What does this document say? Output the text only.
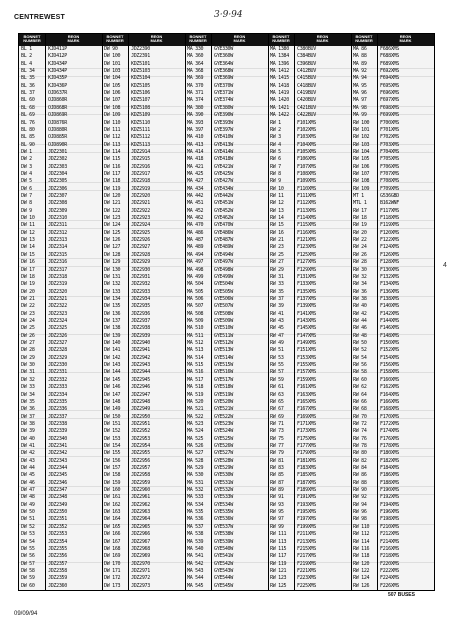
CENTREWEST	3·9·94
BONNET
NUMBER
REGN
MARK
BONNET
NUMBER
REGN
MARK
BONNET
NUMBER
REGN
MARK
BONNET
NUMBER
REGN
MARK
BONNET
NUMBER
REGN
MARK
BL 1	KJD411P	DW 90	JDZ2390	MA 330	GYE330W	MA 1380	C380BUV	MA 86	F686XMS
BL 2	KJD412P	DW 100	JDZ2391	MA 360	GYE360W	MA 1384	C384BUV	MA 88	F688XMS
BL 4	KJD434P	DW 101	KDZ5101	MA 364	GYE364W	MA 1396	C396BUV	MA 89	F689XMS
BL 34	KJD434P	DW 103	KDZ5103	MA 368	GYE368W	MA 1412	C412BUV	MA 92	F692XMS
BL 35	KJD435P	DW 104	KDZ5104	MA 369	GYE369W	MA 1415	C415BUV	MA 94	F694XMS
BL 36	KJD436P	DW 105	KDZ5105	MA 370	GYE370W	MA 1418	C418BUV	MA 95	F695XMS
BL 37	OJD637R	DW 106	KDZ5106	MA 371	GYE371W	MA 1419	C419BUV	MA 96	F696XMS
BL 60	OJD860R	DW 107	KDZ5107	MA 374	GYE374W	MA 1420	C420BUV	MA 97	F697XMS
BL 68	OJD868R	DW 108	KDZ5108	MA 380	GYE380W	MA 1421	C421BUV	MA 98	F698XMS
BL 69	OJD869R	DW 109	KDZ5109	MA 390	GYE390W	MA 1422	C422BUV	MA 99	F699XMS
BL 76	OJD876R	DW 110	KDZ5110	MA 393	GYE393W	RW 1	F101XMS	RW 100	F700XMS
BL 80	OJD880R	DW 111	KDZ5111	MA 397	GYE397W	RW 2	F102XMS	RW 101	F701XMS
BL 85	OJD885R	DW 112	KDZ5112	MA 410	GYE410W	RW 3	F103XMS	RW 102	F702XMS
BL 90	OJD890R	DW 113	KDZ5113	MA 413	GYE413W	RW 4	F104XMS	RW 103	F703XMS
DW 1	JDZ2301	DW 114	JDZ2914	MA 414	GYE414W	RW 5	F105XMS	RW 104	F704XMS
DW 2	JDZ2302	DW 115	JDZ2915	MA 418	GYE418W	RW 6	F106XMS	RW 105	F705XMS
DW 3	JDZ2303	DW 116	JDZ2916	MA 421	GYE421W	RW 7	F107XMS	RW 106	F706XMS
DW 4	JDZ2304	DW 117	JDZ2917	MA 425	GYE425W	RW 8	F108XMS	RW 107	F707XMS
DW 5	JDZ2305	DW 118	JDZ2918	MA 427	GYE427W	RW 9	F109XMS	RW 108	F708XMS
DW 6	JDZ2306	DW 119	JDZ2919	MA 434	GYE434W	RW 10	F110XMS	RW 109	F709XMS
DW 7	JDZ2307	DW 120	JDZ2920	MA 442	GYE442W	RW 11	F111XMS	MT 1	G536GBD
DW 8	JDZ2308	DW 121	JDZ2921	MA 451	GYE451W	RW 12	F112XMS	MTL 1	B162WNF
DW 9	JDZ2309	DW 122	JDZ2922	MA 452	GYE452W	RW 13	F113XMS	RW 17	F117XMS
DW 10	JDZ2310	DW 123	JDZ2923	MA 462	GYE462W	RW 14	F114XMS	RW 18	F118XMS
DW 11	JDZ2311	DW 124	JDZ2924	MA 470	GYE470W	RW 15	F115XMS	RW 19	F119XMS
DW 12	JDZ2312	DW 125	JDZ2925	MA 486	GYE486W	RW 16	F116XMS	RW 20	F120XMS
DW 13	JDZ2313	DW 126	JDZ2926	MA 487	GYE487W	RW 21	F121XMS	RW 22	F122XMS
DW 14	JDZ2314	DW 127	JDZ2927	MA 489	GYE489W	RW 23	F123XMS	RW 24	F124XMS
DW 15	JDZ2315	DW 128	JDZ2928	MA 494	GYE494W	RW 25	F125XMS	RW 26	F126XMS
DW 16	JDZ2316	DW 129	JDZ2929	MA 497	GYE497W	RW 27	F127XMS	RW 28	F128XMS
DW 17	JDZ2317	DW 130	JDZ2930	MA 498	GYE498W	RW 29	F129XMS	RW 30	F130XMS
DW 18	JDZ2318	DW 131	JDZ2931	MA 499	GYE499W	RW 31	F131XMS	RW 32	F132XMS
DW 19	JDZ2319	DW 132	JDZ2932	MA 504	GYE504W	RW 33	F133XMS	RW 34	F134XMS
DW 20	JDZ2320	DW 133	JDZ2933	MA 505	GYE505W	RW 35	F135XMS	RW 36	F136XMS
DW 21	JDZ2321	DW 134	JDZ2934	MA 506	GYE506W	RW 37	F137XMS	RW 38	F138XMS
DW 22	JDZ2322	DW 135	JDZ2935	MA 507	GYE507W	RW 39	F139XMS	RW 40	F140XMS
DW 23	JDZ2323	DW 136	JDZ2936	MA 508	GYE508W	RW 41	F141XMS	RW 42	F142XMS
DW 24	JDZ2324	DW 137	JDZ2937	MA 509	GYE509W	RW 43	F143XMS	RW 44	F144XMS
DW 25	JDZ2325	DW 138	JDZ2938	MA 510	GYE510W	RW 45	F145XMS	RW 46	F146XMS
DW 26	JDZ2326	DW 139	JDZ2939	MA 511	GYE511W	RW 47	F147XMS	RW 48	F148XMS
DW 27	JDZ2327	DW 140	JDZ2940	MA 512	GYE512W	RW 49	F149XMS	RW 50	F150XMS
DW 28	JDZ2328	DW 141	JDZ2941	MA 513	GYE513W	RW 51	F151XMS	RW 52	F152XMS
DW 29	JDZ2329	DW 142	JDZ2942	MA 514	GYE514W	RW 53	F153XMS	RW 54	F154XMS
DW 30	JDZ2330	DW 143	JDZ2943	MA 515	GYE515W	RW 55	F155XMS	RW 56	F156XMS
DW 31	JDZ2331	DW 144	JDZ2944	MA 516	GYE516W	RW 57	F157XMS	RW 58	F158XMS
DW 32	JDZ2332	DW 145	JDZ2945	MA 517	GYE517W	RW 59	F159XMS	RW 60	F160XMS
DW 33	JDZ2333	DW 146	JDZ2946	MA 518	GYE518W	RW 61	F161XMS	RW 62	F162XMS
DW 34	JDZ2334	DW 147	JDZ2947	MA 519	GYE519W	RW 63	F163XMS	RW 64	F164XMS
DW 35	JDZ2335	DW 148	JDZ2948	MA 520	GYE520W	RW 65	F165XMS	RW 66	F166XMS
DW 36	JDZ2336	DW 149	JDZ2949	MA 521	GYE521W	RW 67	F167XMS	RW 68	F168XMS
DW 37	JDZ2337	DW 150	JDZ2950	MA 522	GYE522W	RW 69	F169XMS	RW 70	F170XMS
DW 38	JDZ2338	DW 151	JDZ2951	MA 523	GYE523W	RW 71	F171XMS	RW 72	F172XMS
DW 39	JDZ2339	DW 152	JDZ2952	MA 524	GYE524W	RW 73	F173XMS	RW 74	F174XMS
DW 40	JDZ2340	DW 153	JDZ2953	MA 525	GYE525W	RW 75	F175XMS	RW 76	F176XMS
DW 41	JDZ2341	DW 154	JDZ2954	MA 526	GYE526W	RW 77	F177XMS	RW 78	F178XMS
DW 42	JDZ2342	DW 155	JDZ2955	MA 527	GYE527W	RW 79	F179XMS	RW 80	F180XMS
DW 43	JDZ2343	DW 156	JDZ2956	MA 528	GYE528W	RW 81	F181XMS	RW 82	F182XMS
DW 44	JDZ2344	DW 157	JDZ2957	MA 529	GYE529W	RW 83	F183XMS	RW 84	F184XMS
DW 45	JDZ2345	DW 158	JDZ2958	MA 530	GYE530W	RW 85	F185XMS	RW 86	F186XMS
DW 46	JDZ2346	DW 159	JDZ2959	MA 531	GYE531W	RW 87	F187XMS	RW 88	F188XMS
DW 47	JDZ2347	DW 160	JDZ2960	MA 532	GYE532W	RW 89	F189XMS	RW 90	F190XMS
DW 48	JDZ2348	DW 161	JDZ2961	MA 533	GYE533W	RW 91	F191XMS	RW 92	F192XMS
DW 49	JDZ2349	DW 162	JDZ2962	MA 534	GYE534W	RW 93	F193XMS	RW 94	F194XMS
DW 50	JDZ2350	DW 163	JDZ2963	MA 535	GYE535W	RW 95	F195XMS	RW 96	F196XMS
DW 51	JDZ2351	DW 164	JDZ2964	MA 536	GYE536W	RW 97	F197XMS	RW 98	F198XMS
DW 52	JDZ2352	DW 165	JDZ2965	MA 537	GYE537W	RW 99	F199XMS	RW 110	F210XMS
DW 53	JDZ2353	DW 166	JDZ2966	MA 538	GYE538W	RW 111	F211XMS	RW 112	F212XMS
DW 54	JDZ2354	DW 167	JDZ2967	MA 539	GYE539W	RW 113	F213XMS	RW 114	F214XMS
DW 55	JDZ2355	DW 168	JDZ2968	MA 540	GYE540W	RW 115	F215XMS	RW 116	F216XMS
DW 56	JDZ2356	DW 169	JDZ2969	MA 541	GYE541W	RW 117	F217XMS	RW 118	F218XMS
DW 57	JDZ2357	DW 170	JDZ2970	MA 542	GYE542W	RW 119	F219XMS	RW 120	F220XMS
DW 58	JDZ2358	DW 171	JDZ2971	MA 543	GYE543W	RW 121	F221XMS	RW 122	F222XMS
DW 59	JDZ2359	DW 172	JDZ2972	MA 544	GYE544W	RW 123	F223XMS	RW 124	F224XMS
DW 60	JDZ2360	DW 173	JDZ2973	MA 545	GYE545W	RW 125	F225XMS	RW 126	F226XMS
4
507 BUSES
09/09/94
